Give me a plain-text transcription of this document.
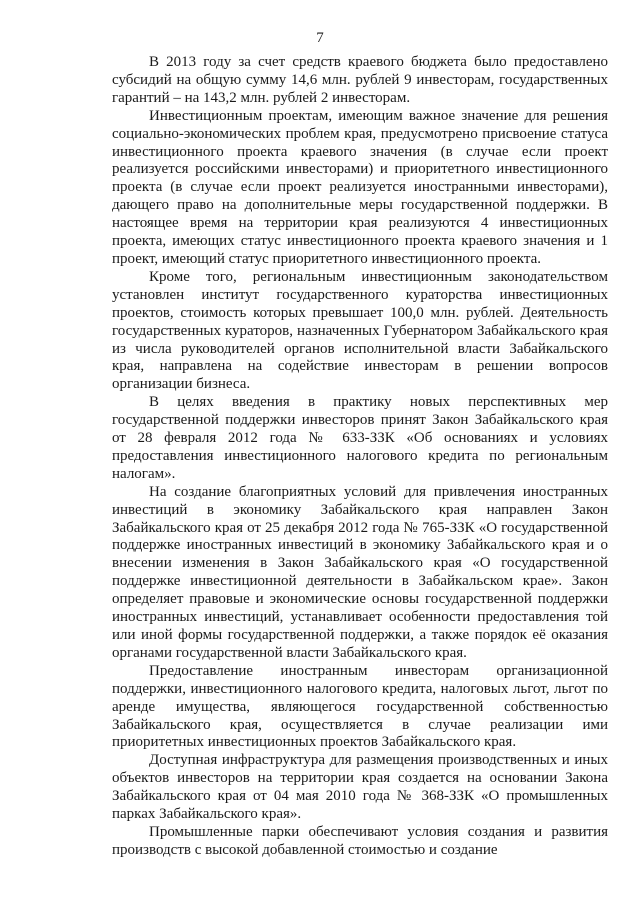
7

В 2013 году за счет средств краевого бюджета было предоставлено субсидий на общую сумму 14,6 млн. рублей 9 инвесторам, государственных гарантий – на 143,2 млн. рублей 2 инвесторам.

Инвестиционным проектам, имеющим важное значение для решения социально-экономических проблем края, предусмотрено присвоение статуса инвестиционного проекта краевого значения (в случае если проект реализуется российскими инвесторами) и приоритетного инвестиционного проекта (в случае если проект реализуется иностранными инвесторами), дающего право на дополнительные меры государственной поддержки. В настоящее время на территории края реализуются 4 инвестиционных проекта, имеющих статус инвестиционного проекта краевого значения и 1 проект, имеющий статус приоритетного инвестиционного проекта.

Кроме того, региональным инвестиционным законодательством установлен институт государственного кураторства инвестиционных проектов, стоимость которых превышает 100,0 млн. рублей. Деятельность государственных кураторов, назначенных Губернатором Забайкальского края из числа руководителей органов исполнительной власти Забайкальского края, направлена на содействие инвесторам в решении вопросов организации бизнеса.

В целях введения в практику новых перспективных мер государственной поддержки инвесторов принят Закон Забайкальского края от 28 февраля 2012 года № 633-ЗЗК «Об основаниях и условиях предоставления инвестиционного налогового кредита по региональным налогам».

На создание благоприятных условий для привлечения иностранных инвестиций в экономику Забайкальского края направлен Закон Забайкальского края от 25 декабря 2012 года № 765-ЗЗК «О государственной поддержке иностранных инвестиций в экономику Забайкальского края и о внесении изменения в Закон Забайкальского края «О государственной поддержке инвестиционной деятельности в Забайкальском крае». Закон определяет правовые и экономические основы государственной поддержки иностранных инвестиций, устанавливает особенности предоставления той или иной формы государственной поддержки, а также порядок её оказания органами государственной власти Забайкальского края.

Предоставление иностранным инвесторам организационной поддержки, инвестиционного налогового кредита, налоговых льгот, льгот по аренде имущества, являющегося государственной собственностью Забайкальского края, осуществляется в случае реализации ими приоритетных инвестиционных проектов Забайкальского края.

Доступная инфраструктура для размещения производственных и иных объектов инвесторов на территории края создается на основании Закона Забайкальского края от 04 мая 2010 года № 368-ЗЗК «О промышленных парках Забайкальского края».

Промышленные парки обеспечивают условия создания и развития производств с высокой добавленной стоимостью и создание
